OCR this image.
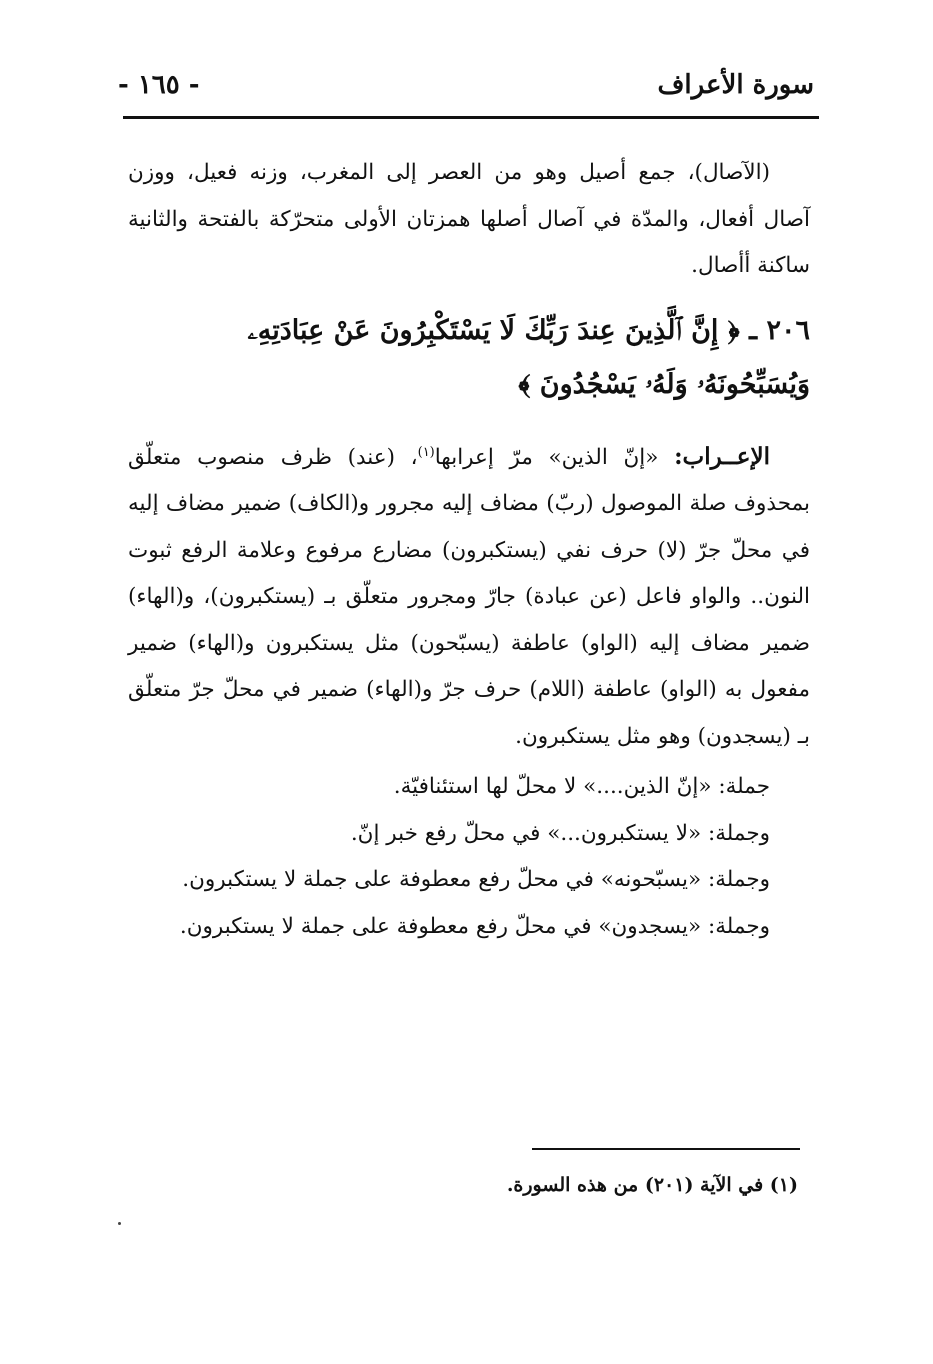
سورة الأعراف
- ١٦٥ -

(الآصال)، جمع أصيل وهو من العصر إلى المغرب، وزنه فعيل، ووزن آصال أفعال، والمدّة في آصال أصلها همزتان الأولى متحرّكة بالفتحة والثانية ساكنة أأصال.

٢٠٦ ـ ﴿ إِنَّ ٱلَّذِينَ عِندَ رَبِّكَ لَا يَسْتَكْبِرُونَ عَنْ عِبَادَتِهِۦ وَيُسَبِّحُونَهُۥ وَلَهُۥ يَسْجُدُونَ ﴾

الإعــراب: «إنّ الذين» مرّ إعرابها$^{(١)}$، (عند) ظرف منصوب متعلّق بمحذوف صلة الموصول (ربّ) مضاف إليه مجرور و(الكاف) ضمير مضاف إليه في محلّ جرّ (لا) حرف نفي (يستكبرون) مضارع مرفوع وعلامة الرفع ثبوت النون.. والواو فاعل (عن عبادة) جارّ ومجرور متعلّق بـ (يستكبرون)، و(الهاء) ضمير مضاف إليه (الواو) عاطفة (يسبّحون) مثل يستكبرون و(الهاء) ضمير مفعول به (الواو) عاطفة (اللام) حرف جرّ و(الهاء) ضمير في محلّ جرّ متعلّق بـ (يسجدون) وهو مثل يستكبرون.

جملة: «إنّ الذين....» لا محلّ لها استئنافيّة.

وجملة: «لا يستكبرون...» في محلّ رفع خبر إنّ.

وجملة: «يسبّحونه» في محلّ رفع معطوفة على جملة لا يستكبرون.

وجملة: «يسجدون» في محلّ رفع معطوفة على جملة لا يستكبرون.

(١) في الآية (٢٠١) من هذه السورة.
